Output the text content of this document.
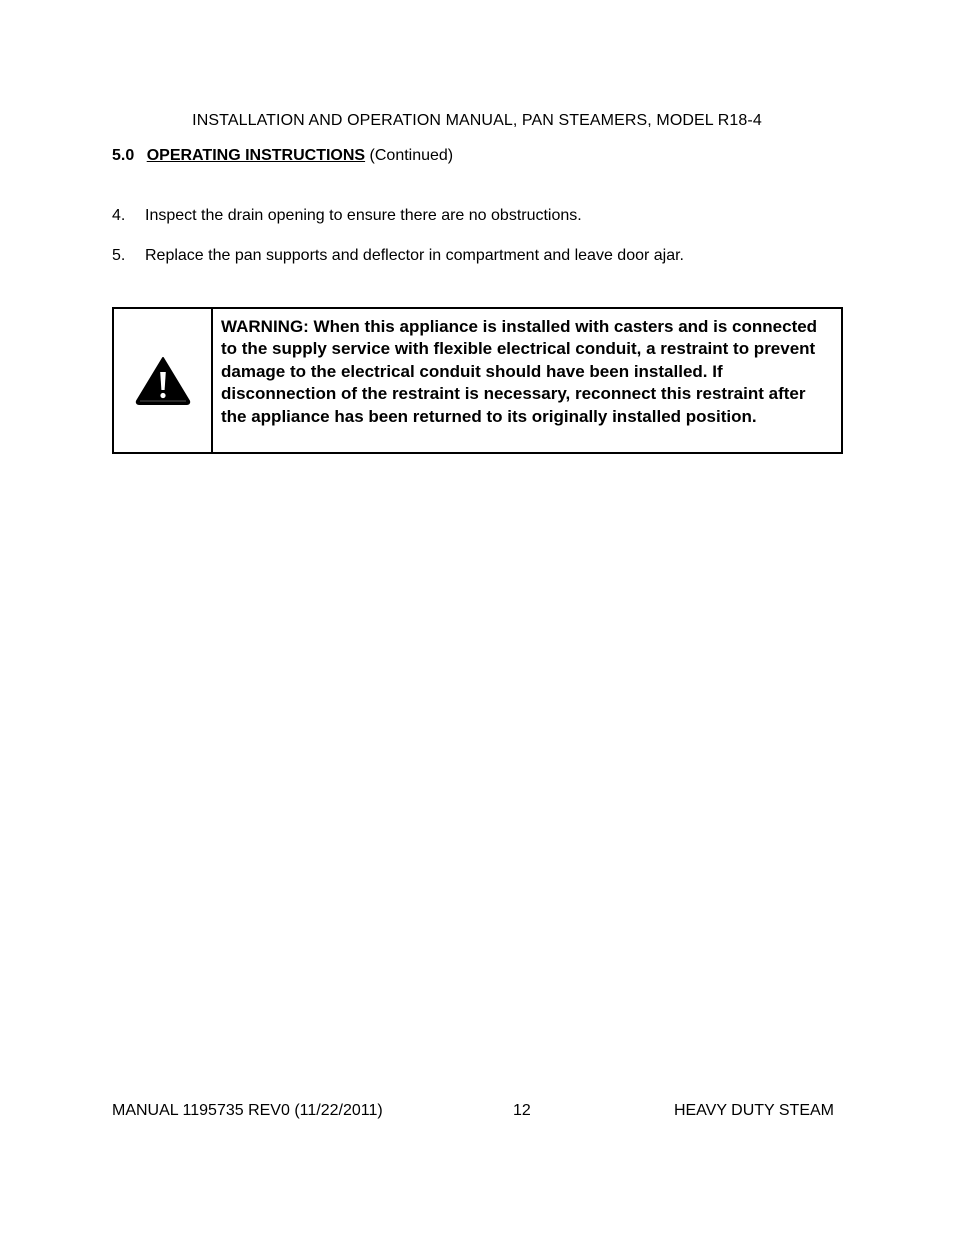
INSTALLATION AND OPERATION MANUAL, PAN STEAMERS, MODEL R18-4
5.0 OPERATING INSTRUCTIONS (Continued)
4. Inspect the drain opening to ensure there are no obstructions.
5. Replace the pan supports and deflector in compartment and leave door ajar.
WARNING: When this appliance is installed with casters and is connected to the supply service with flexible electrical conduit, a restraint to prevent damage to the electrical conduit should have been installed. If disconnection of the restraint is necessary, reconnect this restraint after the appliance has been returned to its originally installed position.
MANUAL 1195735 REV0 (11/22/2011)	12	HEAVY DUTY STEAM
